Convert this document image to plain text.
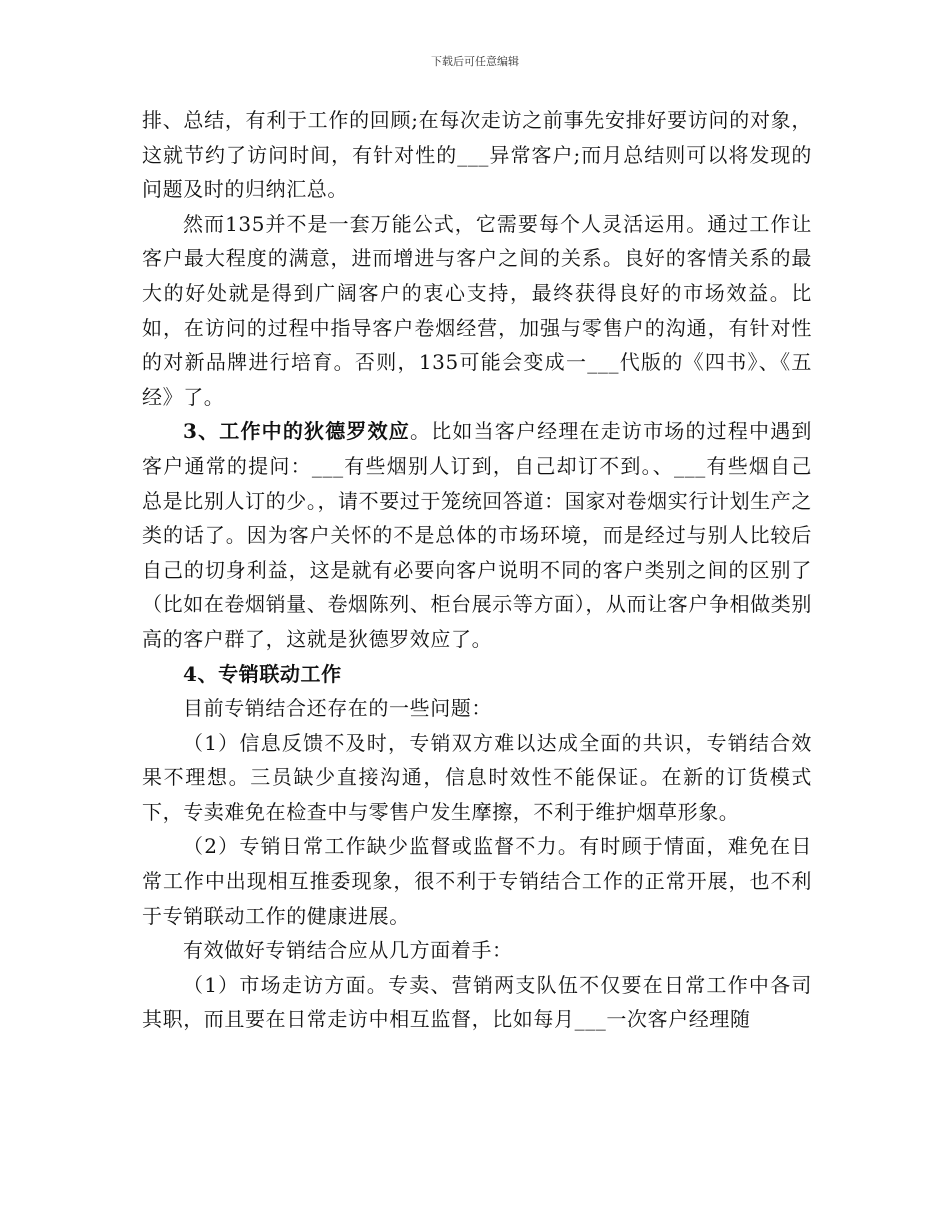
下载后可任意编辑

排、总结，有利于工作的回顾;在每次走访之前事先安排好要访问的对象，这就节约了访问时间，有针对性的___异常客户;而月总结则可以将发现的问题及时的归纳汇总。

然而135并不是一套万能公式，它需要每个人灵活运用。通过工作让客户最大程度的满意，进而增进与客户之间的关系。良好的客情关系的最大的好处就是得到广阔客户的衷心支持，最终获得良好的市场效益。比如，在访问的过程中指导客户卷烟经营，加强与零售户的沟通，有针对性的对新品牌进行培育。否则，135可能会变成一___代版的《四书》、《五经》了。

3、工作中的狄德罗效应。比如当客户经理在走访市场的过程中遇到客户通常的提问：___有些烟别人订到，自己却订不到。、___有些烟自己总是比别人订的少。，请不要过于笼统回答道：国家对卷烟实行计划生产之类的话了。因为客户关怀的不是总体的市场环境，而是经过与别人比较后自己的切身利益，这是就有必要向客户说明不同的客户类别之间的区别了（比如在卷烟销量、卷烟陈列、柜台展示等方面），从而让客户争相做类别高的客户群了，这就是狄德罗效应了。

4、专销联动工作

目前专销结合还存在的一些问题：

（1）信息反馈不及时，专销双方难以达成全面的共识，专销结合效果不理想。三员缺少直接沟通，信息时效性不能保证。在新的订货模式下，专卖难免在检查中与零售户发生摩擦，不利于维护烟草形象。

（2）专销日常工作缺少监督或监督不力。有时顾于情面，难免在日常工作中出现相互推委现象，很不利于专销结合工作的正常开展，也不利于专销联动工作的健康进展。

有效做好专销结合应从几方面着手：

（1）市场走访方面。专卖、营销两支队伍不仅要在日常工作中各司其职，而且要在日常走访中相互监督，比如每月___一次客户经理随
